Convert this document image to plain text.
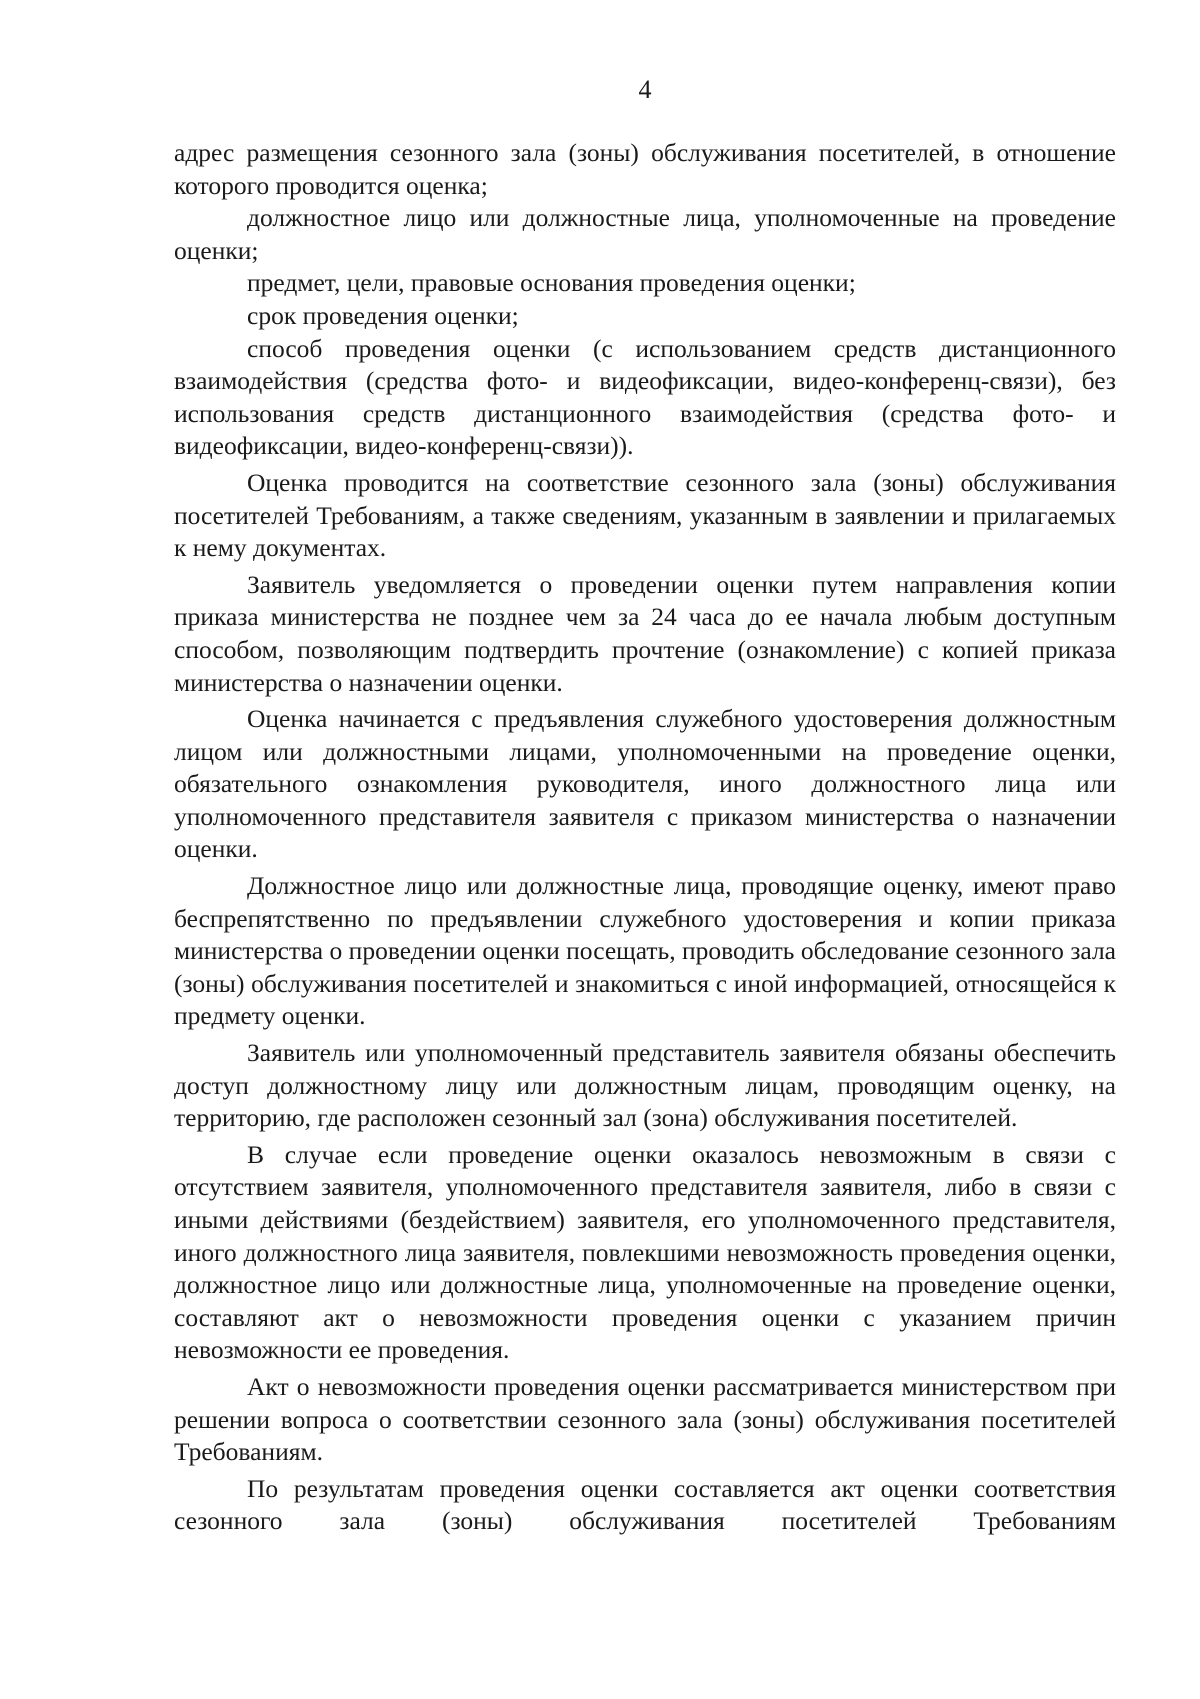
4

адрес размещения сезонного зала (зоны) обслуживания посетителей, в отношение которого проводится оценка;

должностное лицо или должностные лица, уполномоченные на проведение оценки;

предмет, цели, правовые основания проведения оценки;

срок проведения оценки;

способ проведения оценки (с использованием средств дистанционного взаимодействия (средства фото- и видеофиксации, видео-конференц-связи), без использования средств дистанционного взаимодействия (средства фото- и видеофиксации, видео-конференц-связи)).

Оценка проводится на соответствие сезонного зала (зоны) обслуживания посетителей Требованиям, а также сведениям, указанным в заявлении и прилагаемых к нему документах.

Заявитель уведомляется о проведении оценки путем направления копии приказа министерства не позднее чем за 24 часа до ее начала любым доступным способом, позволяющим подтвердить прочтение (ознакомление) с копией приказа министерства о назначении оценки.

Оценка начинается с предъявления служебного удостоверения должностным лицом или должностными лицами, уполномоченными на проведение оценки, обязательного ознакомления руководителя, иного должностного лица или уполномоченного представителя заявителя с приказом министерства о назначении оценки.

Должностное лицо или должностные лица, проводящие оценку, имеют право беспрепятственно по предъявлении служебного удостоверения и копии приказа министерства о проведении оценки посещать, проводить обследование сезонного зала (зоны) обслуживания посетителей и знакомиться с иной информацией, относящейся к предмету оценки.

Заявитель или уполномоченный представитель заявителя обязаны обеспечить доступ должностному лицу или должностным лицам, проводящим оценку, на территорию, где расположен сезонный зал (зона) обслуживания посетителей.

В случае если проведение оценки оказалось невозможным в связи с отсутствием заявителя, уполномоченного представителя заявителя, либо в связи с иными действиями (бездействием) заявителя, его уполномоченного представителя, иного должностного лица заявителя, повлекшими невозможность проведения оценки, должностное лицо или должностные лица, уполномоченные на проведение оценки, составляют акт о невозможности проведения оценки с указанием причин невозможности ее проведения.

Акт о невозможности проведения оценки рассматривается министерством при решении вопроса о соответствии сезонного зала (зоны) обслуживания посетителей Требованиям.

По результатам проведения оценки составляется акт оценки соответствия сезонного зала (зоны) обслуживания посетителей Требованиям
